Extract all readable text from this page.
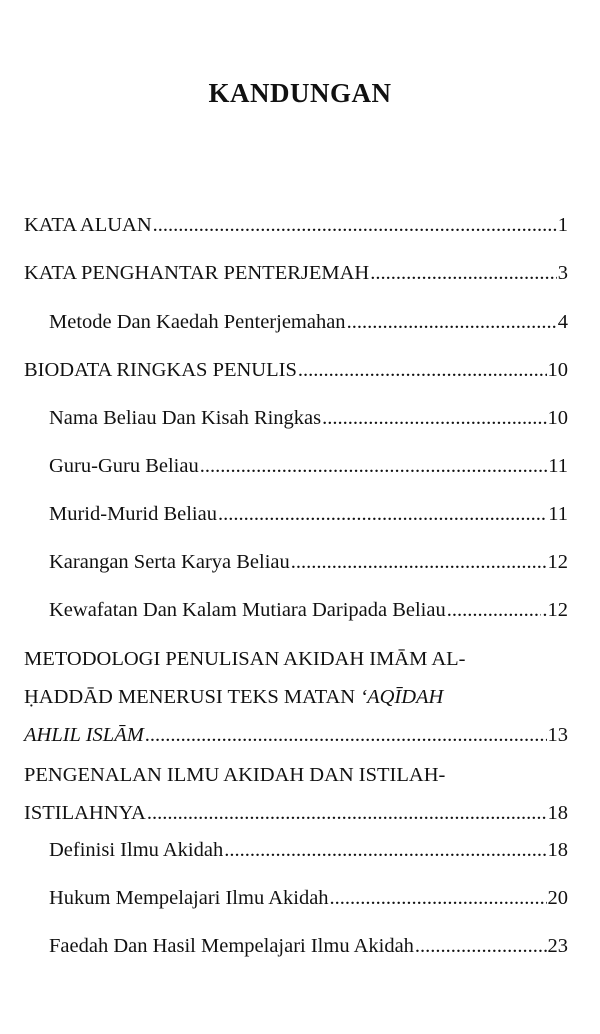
KANDUNGAN
KATA ALUAN .....	1
KATA PENGHANTAR PENTERJEMAH .....	3
Metode Dan Kaedah Penterjemahan .....	4
BIODATA RINGKAS PENULIS .....	10
Nama Beliau Dan Kisah Ringkas .....	10
Guru-Guru Beliau .....	11
Murid-Murid Beliau .....	11
Karangan Serta Karya Beliau .....	12
Kewafatan Dan Kalam Mutiara Daripada Beliau .....	.12
METODOLOGI PENULISAN AKIDAH IMĀM AL-
ḤADDĀD MENERUSI TEKS MATAN ‘AQĪDAH
AHLIL ISLĀM .....	13
PENGENALAN ILMU AKIDAH DAN ISTILAH-
ISTILAHNYA .....	18
Definisi Ilmu Akidah .....	18
Hukum Mempelajari Ilmu Akidah .....	20
Faedah Dan Hasil Mempelajari Ilmu Akidah .....	23
